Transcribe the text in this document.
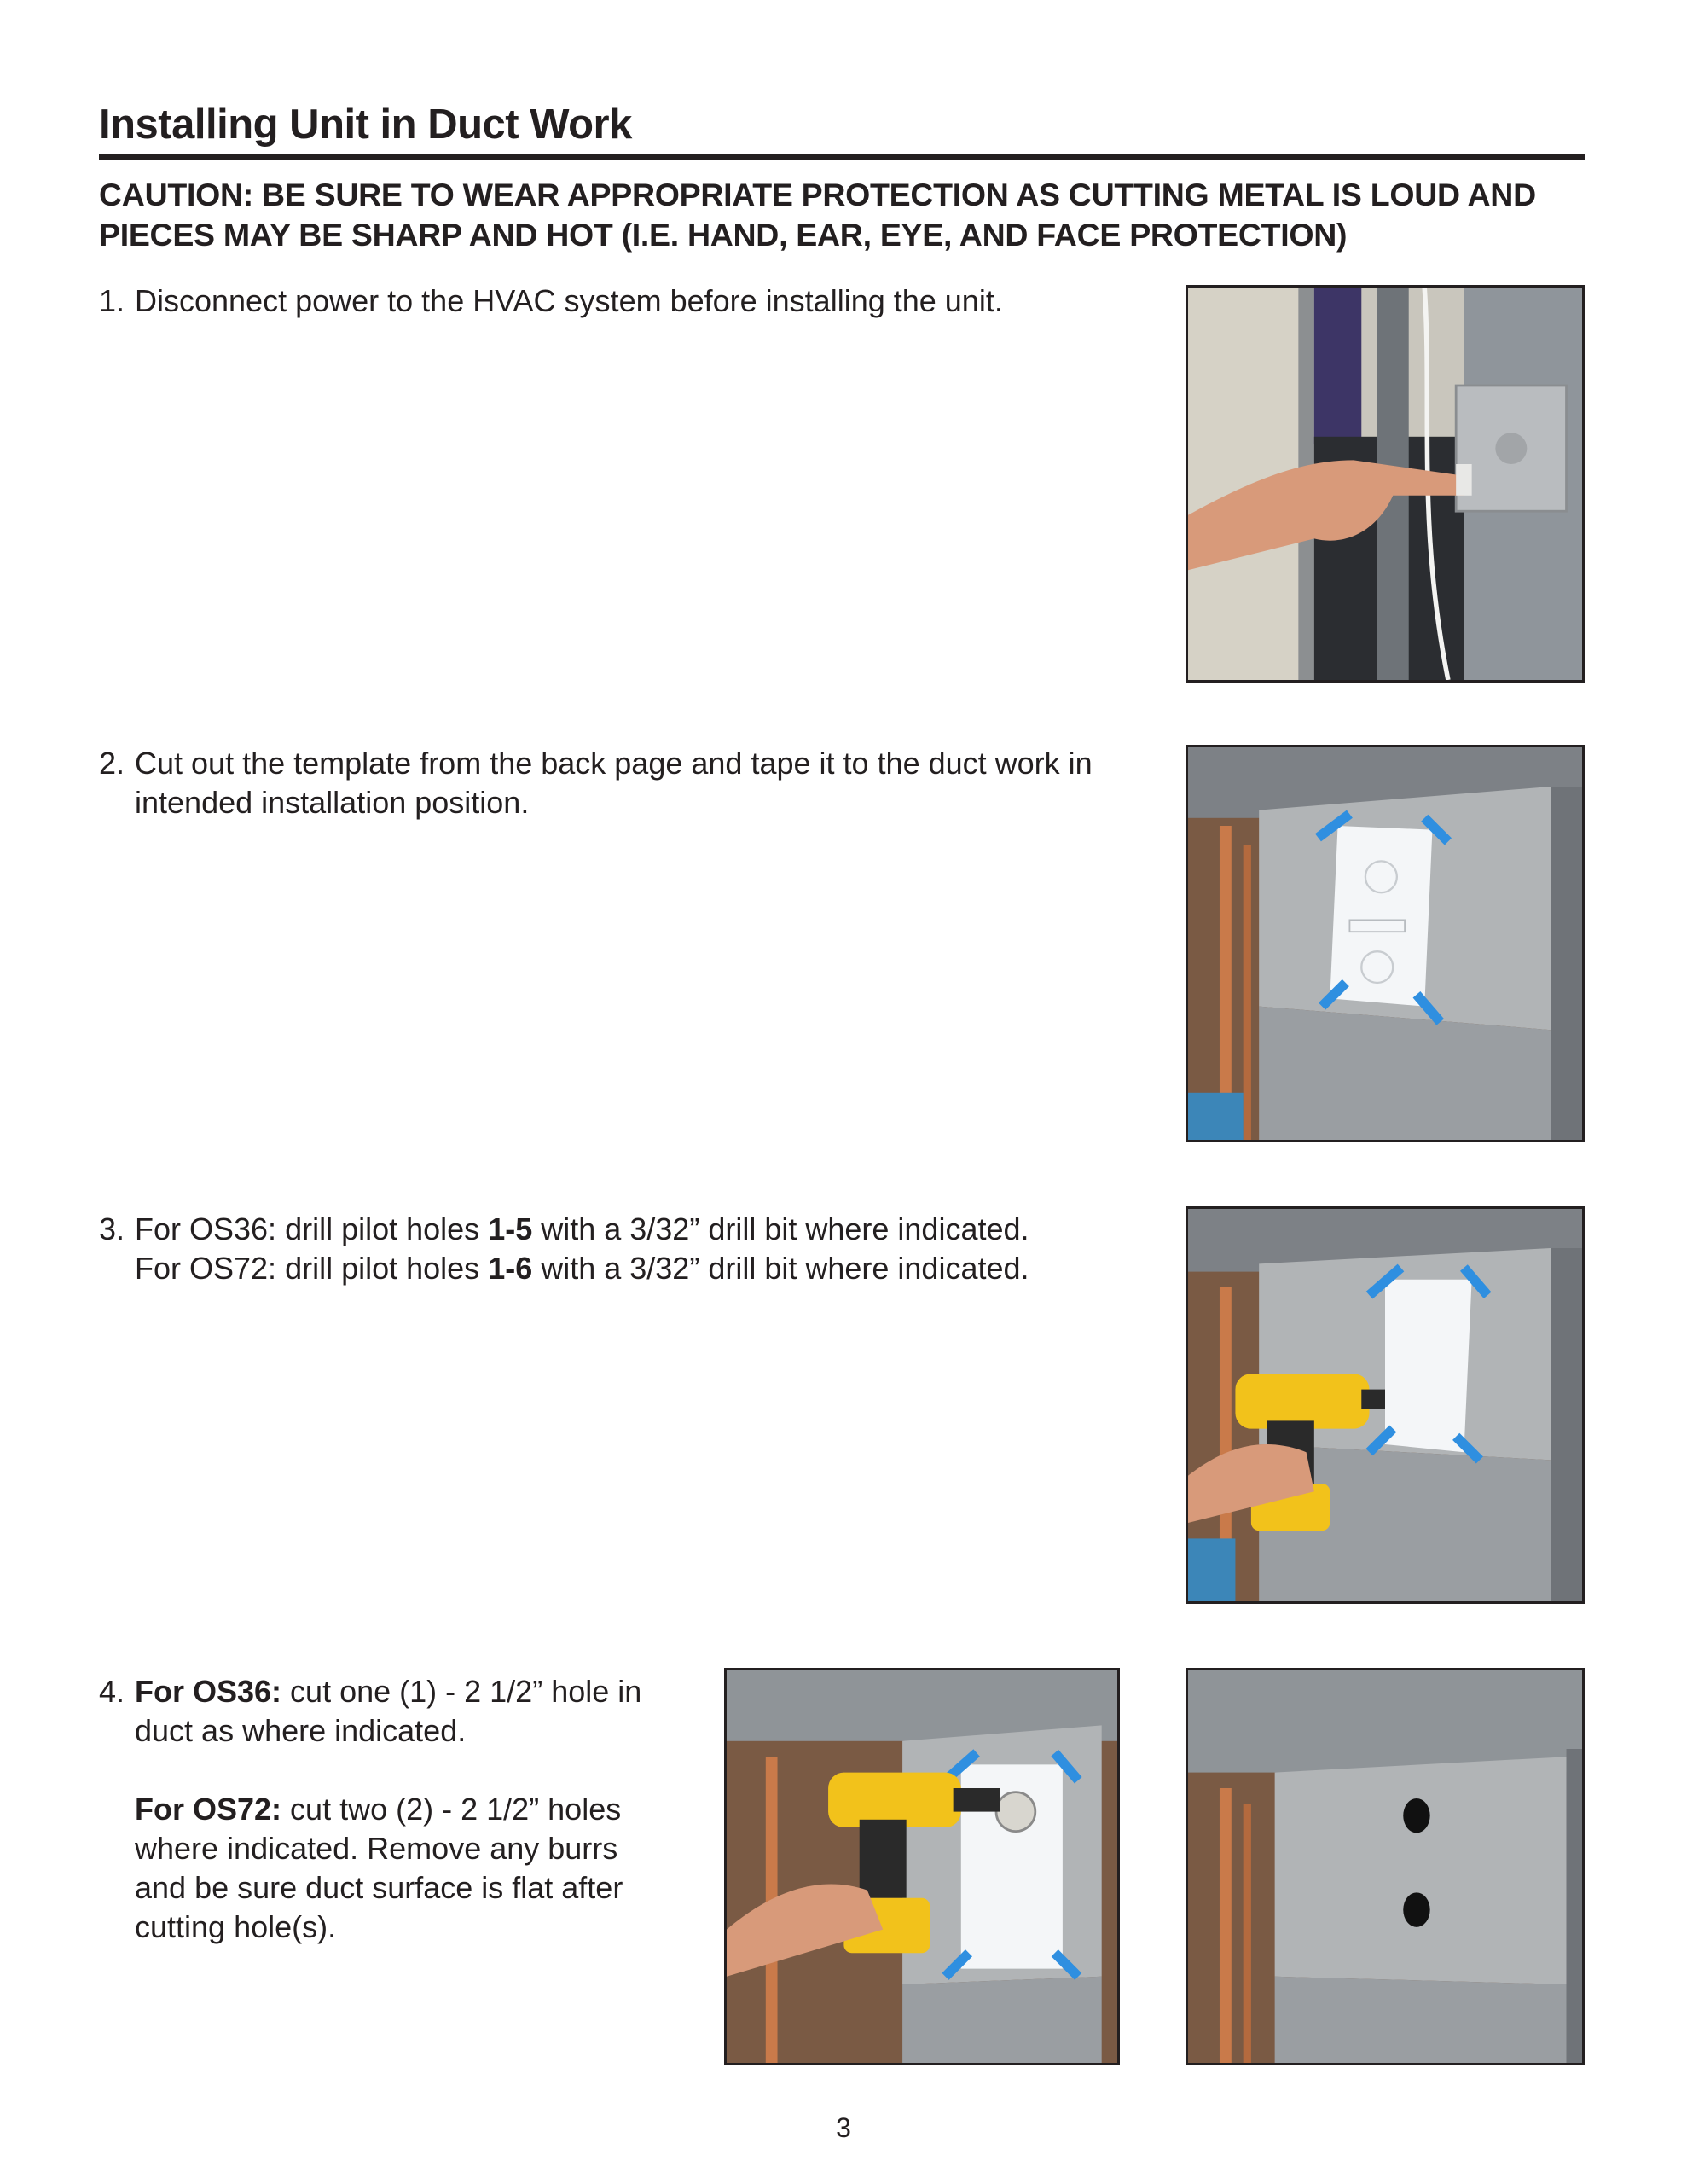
Installing Unit in Duct Work
CAUTION: BE SURE TO WEAR APPROPRIATE PROTECTION AS CUTTING METAL IS LOUD AND
PIECES MAY BE SHARP AND HOT (I.E. HAND, EAR, EYE, AND FACE PROTECTION)

1. Disconnect power to the HVAC system before installing the unit.

2. Cut out the template from the back page and tape it to the duct work in

intended installation position.

3. For OS36: drill pilot holes 1-5 with a 3/32” drill bit where indicated.

For OS72: drill pilot holes 1-6 with a 3/32” drill bit where indicated.

4. For OS36: cut one (1) - 2 1/2” hole in

duct as where indicated.

For OS72: cut two (2) - 2 1/2” holes

where indicated. Remove any burrs

and be sure duct surface is flat after

cutting hole(s).

3
